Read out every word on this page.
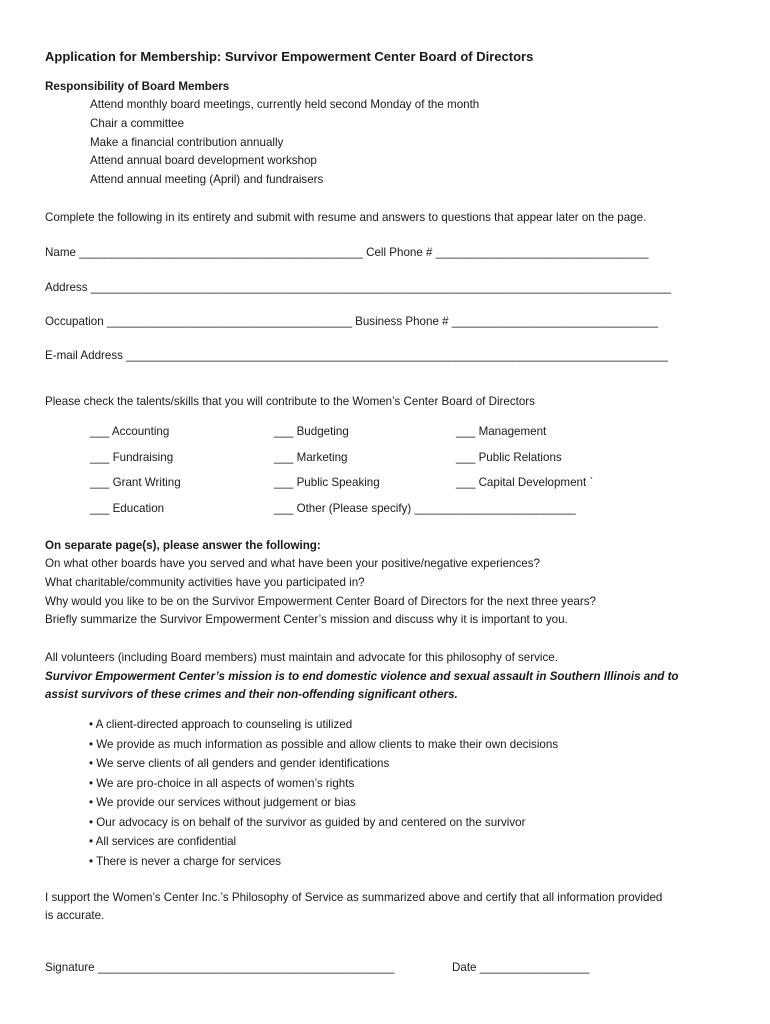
Application for Membership: Survivor Empowerment Center Board of Directors
Responsibility of Board Members
Attend monthly board meetings, currently held second Monday of the month
Chair a committee
Make a financial contribution annually
Attend annual board development workshop
Attend annual meeting (April) and fundraisers
Complete the following in its entirety and submit with resume and answers to questions that appear later on the page.
Name ____________________________________________ Cell Phone # _________________________________
Address __________________________________________________________________________________________
Occupation ______________________________________ Business Phone # ________________________________
E-mail Address ____________________________________________________________________________________
Please check the talents/skills that you will contribute to the Women’s Center Board of Directors
___ Accounting	___ Budgeting	___ Management
___ Fundraising	___ Marketing	___ Public Relations
___ Grant Writing	___ Public Speaking	___ Capital Development `
___ Education	___ Other (Please specify) _________________________
On separate page(s), please answer the following:
On what other boards have you served and what have been your positive/negative experiences?
What charitable/community activities have you participated in?
Why would you like to be on the Survivor Empowerment Center Board of Directors for the next three years?
Briefly summarize the Survivor Empowerment Center’s mission and discuss why it is important to you.
All volunteers (including Board members) must maintain and advocate for this philosophy of service.
Survivor Empowerment Center’s mission is to end domestic violence and sexual assault in Southern Illinois and to
assist survivors of these crimes and their non-offending significant others.
• A client-directed approach to counseling is utilized
• We provide as much information as possible and allow clients to make their own decisions
• We serve clients of all genders and gender identifications
• We are pro-choice in all aspects of women’s rights
• We provide our services without judgement or bias
• Our advocacy is on behalf of the survivor as guided by and centered on the survivor
• All services are confidential
• There is never a charge for services
I support the Women’s Center Inc.’s Philosophy of Service as summarized above and certify that all information provided
is accurate.
Signature ______________________________________________	Date _________________
